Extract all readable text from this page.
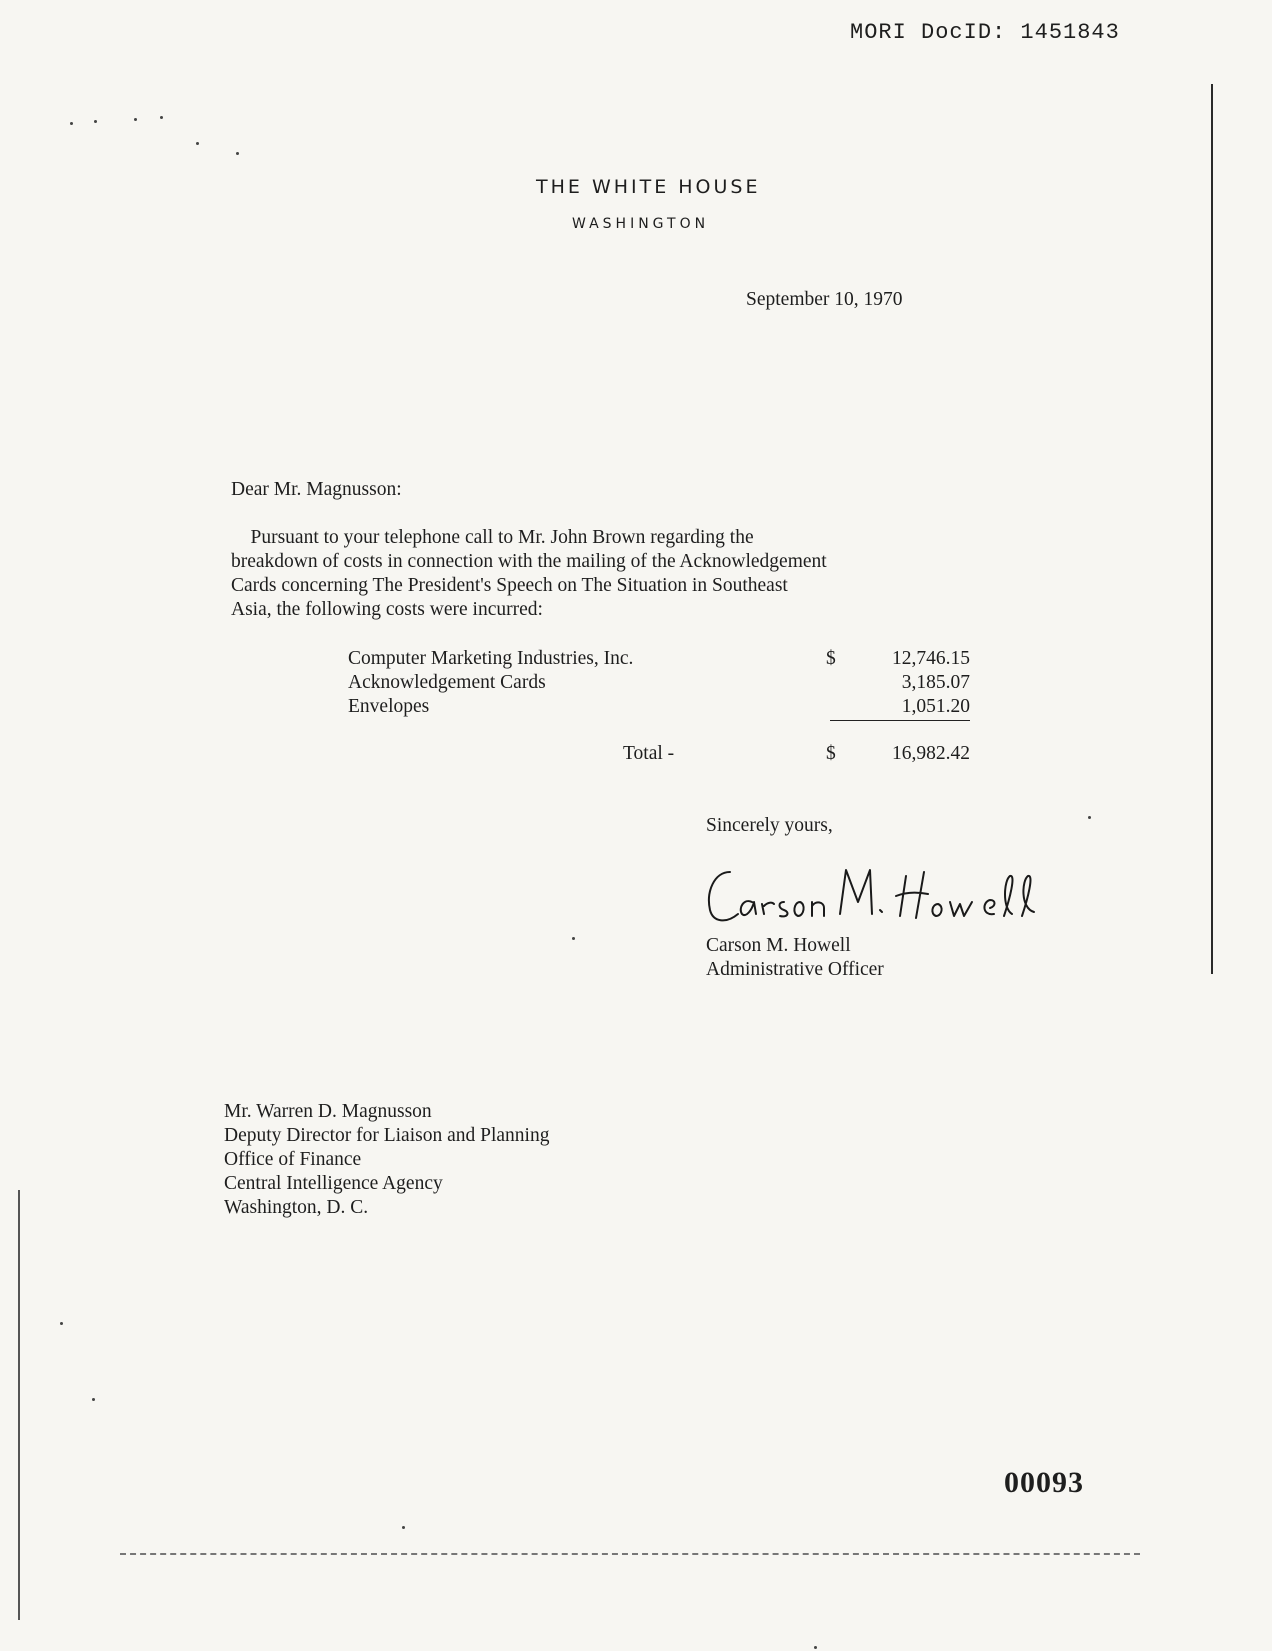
MORI DocID: 1451843
THE WHITE HOUSE
WASHINGTON
September 10, 1970
Dear Mr. Magnusson:
Pursuant to your telephone call to Mr. John Brown regarding the
breakdown of costs in connection with the mailing of the Acknowledgement
Cards concerning The President's Speech on The Situation in Southeast
Asia, the following costs were incurred:
Computer Marketing Industries, Inc.	$	12,746.15
Acknowledgement Cards	3,185.07
Envelopes	1,051.20
Total -	$	16,982.42
Sincerely yours,
Carson M. Howell
Administrative Officer
Mr. Warren D. Magnusson
Deputy Director for Liaison and Planning
Office of Finance
Central Intelligence Agency
Washington, D. C.
00093
